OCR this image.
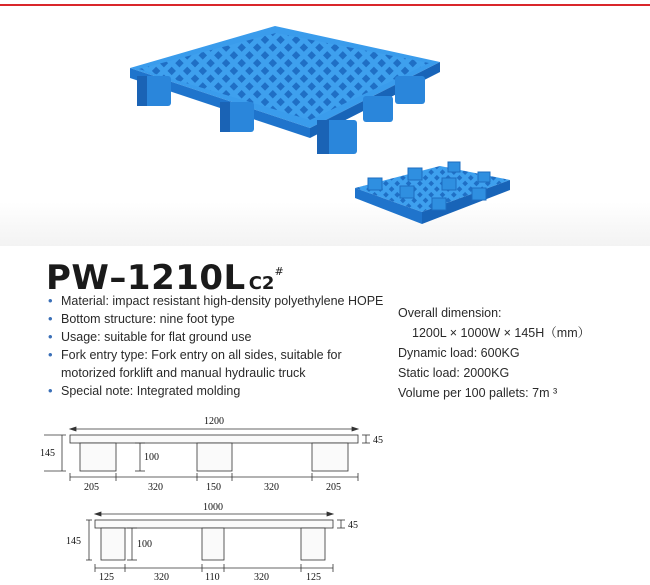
PW–1210L C2#
• Material: impact resistant high-density polyethylene HOPE
• Bottom structure: nine foot type
• Usage: suitable for flat ground use
• Fork entry type: Fork entry on all sides, suitable for motorized forklift and manual hydraulic truck
• Special note: Integrated molding
Overall dimension:
1200L × 1000W × 145H（mm）
Dynamic load: 600KG
Static load: 2000KG
Volume per 100 pallets: 7m ³
1200
145	100
45
205	320	150	320	205
1000
145	100
45
125	320	110	320	125
